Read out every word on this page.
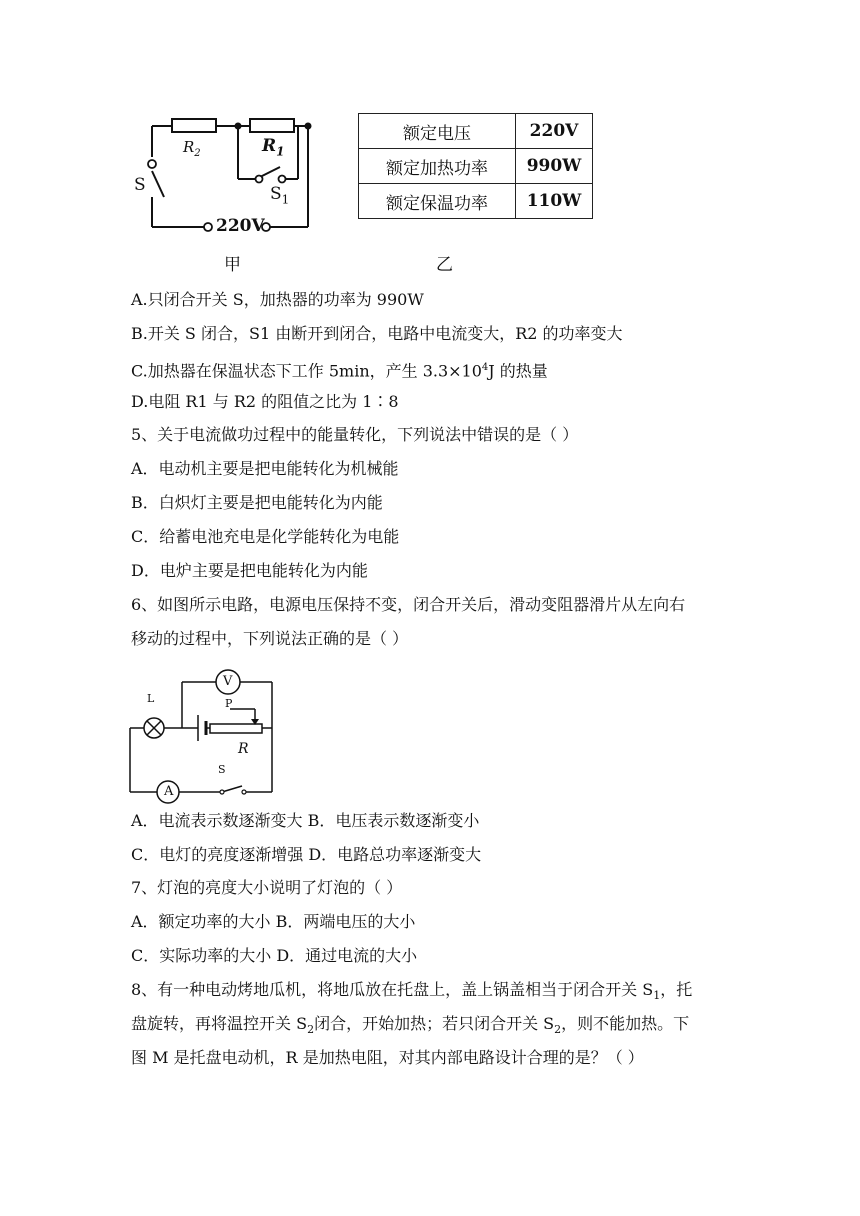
$R_2$	$R_1$
S	$S_1$
220V
甲
额定电压	220V
额定加热功率	990W
额定保温功率	110W
乙
A.只闭合开关 S，加热器的功率为 990W
B.开关 S 闭合，S1 由断开到闭合，电路中电流变大，R2 的功率变大
C.加热器在保温状态下工作 5min，产生 $3.3\times 10^4J$ 的热量
D.电阻 R1 与 R2 的阻值之比为 1∶8
5、关于电流做功过程中的能量转化，下列说法中错误的是（ ）
A．电动机主要是把电能转化为机械能
B．白炽灯主要是把电能转化为内能
C．给蓄电池充电是化学能转化为电能
D．电炉主要是把电能转化为内能
6、如图所示电路，电源电压保持不变，闭合开关后，滑动变阻器滑片从左向右
移动的过程中，下列说法正确的是（ ）
L
V
P
R
S
A
A．电流表示数逐渐变大 B．电压表示数逐渐变小
C．电灯的亮度逐渐增强 D．电路总功率逐渐变大
7、灯泡的亮度大小说明了灯泡的（ ）
A．额定功率的大小 B．两端电压的大小
C．实际功率的大小 D．通过电流的大小
8、有一种电动烤地瓜机，将地瓜放在托盘上，盖上锅盖相当于闭合开关 $S_1$，托
盘旋转，再将温控开关 $S_2$闭合，开始加热；若只闭合开关 $S_2$，则不能加热。下
图 M 是托盘电动机，R 是加热电阻，对其内部电路设计合理的是？（ ）
